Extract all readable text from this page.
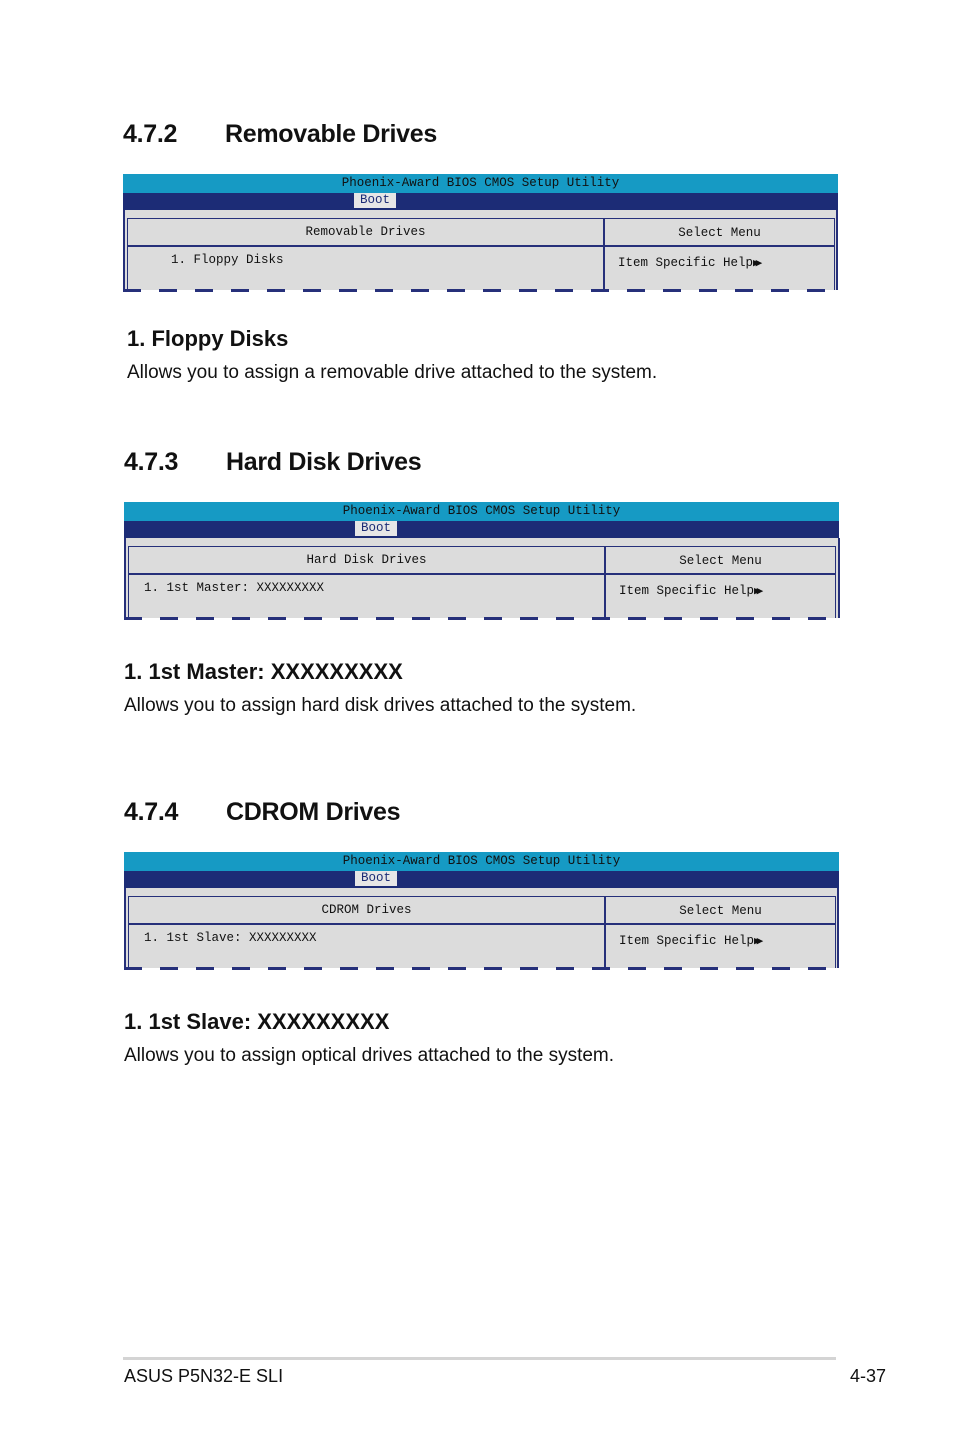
4.7.2 Removable Drives
Phoenix-Award BIOS CMOS Setup Utility
Boot
Removable Drives	Select Menu
1. Floppy Disks	Item Specific Help▶▶
1. Floppy Disks

Allows you to assign a removable drive attached to the system.

4.7.3 Hard Disk Drives
Phoenix-Award BIOS CMOS Setup Utility
Boot
Hard Disk Drives	Select Menu
1. 1st Master: XXXXXXXXX	Item Specific Help▶▶
1. 1st Master: XXXXXXXXX

Allows you to assign hard disk drives attached to the system.

4.7.4 CDROM Drives
Phoenix-Award BIOS CMOS Setup Utility
Boot
CDROM Drives	Select Menu
1. 1st Slave: XXXXXXXXX	Item Specific Help▶▶
1. 1st Slave: XXXXXXXXX

Allows you to assign optical drives attached to the system.

ASUS P5N32-E SLI	4-37
